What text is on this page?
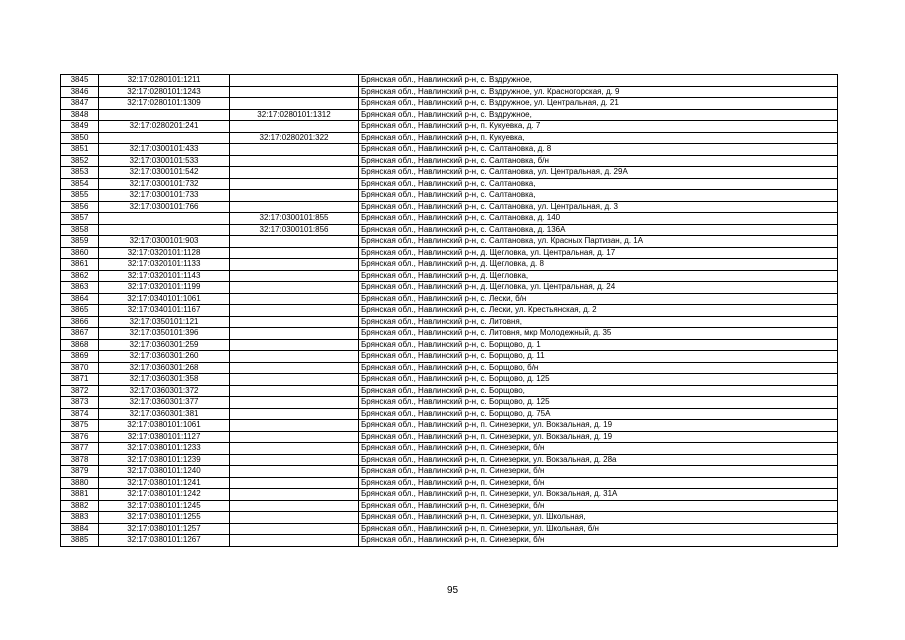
3845	32:17:0280101:1211		Брянская обл., Навлинский р-н, с. Вздружное,
3846	32:17:0280101:1243		Брянская обл., Навлинский р-н, с. Вздружное, ул. Красногорская, д. 9
3847	32:17:0280101:1309		Брянская обл., Навлинский р-н, с. Вздружное, ул. Центральная, д. 21
3848		32:17:0280101:1312	Брянская обл., Навлинский р-н, с. Вздружное,
3849	32:17:0280201:241		Брянская обл., Навлинский р-н, п. Кукуевка, д. 7
3850		32:17:0280201:322	Брянская обл., Навлинский р-н, п. Кукуевка,
3851	32:17:0300101:433		Брянская обл., Навлинский р-н, с. Салтановка, д. 8
3852	32:17:0300101:533		Брянская обл., Навлинский р-н, с. Салтановка, б/н
3853	32:17:0300101:542		Брянская обл., Навлинский р-н, с. Салтановка, ул. Центральная, д. 29А
3854	32:17:0300101:732		Брянская обл., Навлинский р-н, с. Салтановка,
3855	32:17:0300101:733		Брянская обл., Навлинский р-н, с. Салтановка,
3856	32:17:0300101:766		Брянская обл., Навлинский р-н, с. Салтановка, ул. Центральная, д. 3
3857		32:17:0300101:855	Брянская обл., Навлинский р-н, с. Салтановка, д. 140
3858		32:17:0300101:856	Брянская обл., Навлинский р-н, с. Салтановка, д. 136А
3859	32:17:0300101:903		Брянская обл., Навлинский р-н, с. Салтановка, ул. Красных Партизан, д. 1А
3860	32:17:0320101:1128		Брянская обл., Навлинский р-н, д. Щегловка, ул. Центральная, д. 17
3861	32:17:0320101:1133		Брянская обл., Навлинский р-н, д. Щегловка, д. 8
3862	32:17:0320101:1143		Брянская обл., Навлинский р-н, д. Щегловка,
3863	32:17:0320101:1199		Брянская обл., Навлинский р-н, д. Щегловка, ул. Центральная, д. 24
3864	32:17:0340101:1061		Брянская обл., Навлинский р-н, с. Лески, б/н
3865	32:17:0340101:1167		Брянская обл., Навлинский р-н, с. Лески, ул. Крестьянская, д. 2
3866	32:17:0350101:121		Брянская обл., Навлинский р-н, с. Литовня,
3867	32:17:0350101:396		Брянская обл., Навлинский р-н, с. Литовня, мкр Молодежный, д. 35
3868	32:17:0360301:259		Брянская обл., Навлинский р-н, с. Борщово, д. 1
3869	32:17:0360301:260		Брянская обл., Навлинский р-н, с. Борщово, д. 11
3870	32:17:0360301:268		Брянская обл., Навлинский р-н, с. Борщово, б/н
3871	32:17:0360301:358		Брянская обл., Навлинский р-н, с. Борщово, д. 125
3872	32:17:0360301:372		Брянская обл., Навлинский р-н, с. Борщово,
3873	32:17:0360301:377		Брянская обл., Навлинский р-н, с. Борщово, д. 125
3874	32:17:0360301:381		Брянская обл., Навлинский р-н, с. Борщово, д. 75А
3875	32:17:0380101:1061		Брянская обл., Навлинский р-н, п. Синезерки, ул. Вокзальная, д. 19
3876	32:17:0380101:1127		Брянская обл., Навлинский р-н, п. Синезерки, ул. Вокзальная, д. 19
3877	32:17:0380101:1233		Брянская обл., Навлинский р-н, п. Синезерки, б/н
3878	32:17:0380101:1239		Брянская обл., Навлинский р-н, п. Синезерки, ул. Вокзальная, д. 28а
3879	32:17:0380101:1240		Брянская обл., Навлинский р-н, п. Синезерки, б/н
3880	32:17:0380101:1241		Брянская обл., Навлинский р-н, п. Синезерки, б/н
3881	32:17:0380101:1242		Брянская обл., Навлинский р-н, п. Синезерки, ул. Вокзальная, д. 31А
3882	32:17:0380101:1245		Брянская обл., Навлинский р-н, п. Синезерки, б/н
3883	32:17:0380101:1255		Брянская обл., Навлинский р-н, п. Синезерки, ул. Школьная,
3884	32:17:0380101:1257		Брянская обл., Навлинский р-н, п. Синезерки, ул. Школьная, б/н
3885	32:17:0380101:1267		Брянская обл., Навлинский р-н, п. Синезерки, б/н
95
